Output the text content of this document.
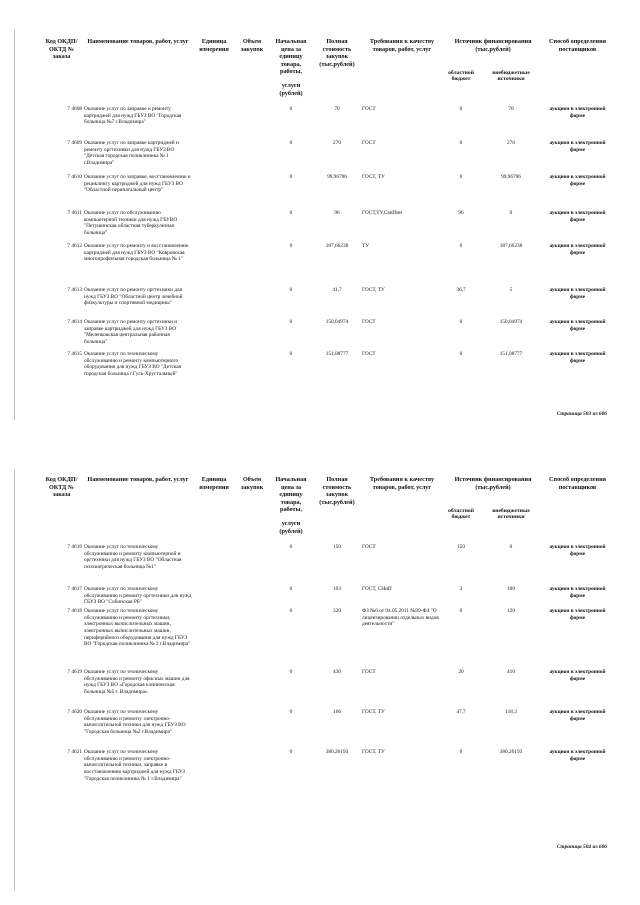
Код ОКДП/ ОКТД № заказа	Наименование товаров, работ, услуг	Единица измерения	Объем закупок	Начальная цена за единицу товара, работы,
услуги (рублей)	Полная стоимость закупок (тыс.рублей)	Требования к качеству товаров, работ, услуг	Источник финансирования (тыс.рублей)		Способ определения поставщиков
							областной бюджет	внебюджетные источники	

7 4608	Оказание услуг по заправке и ремонту картриджей для нужд ГБУЗ ВО "Городская больница №7 г.Владимира"			0	70	ГОСТ	0	70	аукцион в электронной форме
7 4609	Оказание услуг по заправке картриджей и ремонту оргтехники для нужд ГБУЗ ВО "Детская городская поликлиника № 1 г.Владимира"			0	270	ГОСТ	0	270	аукцион в электронной форме
7 4610	Оказание услуг по заправке, восстановлению и рециклингу картриджей для нужд ГБУЗ ВО "Областной перинатальный центр"			0	99,96796	ГОСТ, ТУ	0	99,96796	аукцион в электронной форме
7 4611	Оказание услуг по обслуживанию компьютерной техники для нужд ГБУВО "Петушинская областная туберкулезная больница"			0	96	ГОСТ,ТУ,СанПин	96	0	аукцион в электронной форме
7 4612	Оказание услуг по ремонту и восстановлению картриджей для нужд ГБУЗ ВО "Ковровская многопрофильная городская больница № 1"			0	187,66238	ТУ	0	187,66238	аукцион в электронной форме
7 4613	Оказание услуг по ремонту оргтехники для нужд ГБУЗ ВО "Областной центр лечебной физкультуры и спортивной медицины"			0	41,7	ГОСТ, ТУ	36,7	5	аукцион в электронной форме
7 4614	Оказание услуг по ремонту оргтехники и заправке картриджей для нужд ГБУЗ ВО "Меленковская центральная районная больница"			0	150,04974	ГОСТ	0	150,04974	аукцион в электронной форме
7 4615	Оказание услуг по техническому обслуживанию и ремонту компьютерного оборудования для нужд ГБУЗ ВО "Детская городская больница г.Гусь-Хрустальный"			0	151,08777	ГОСТ	0	151,08777	аукцион в электронной форме
Страница 503 из 606
Код ОКДП/ ОКТД № заказа	Наименование товаров, работ, услуг	Единица измерения	Объем закупок	Начальная цена за единицу товара, работы,
услуги (рублей)	Полная стоимость закупок (тыс.рублей)	Требования к качеству товаров, работ, услуг	Источник финансирования (тыс.рублей)		Способ определения поставщиков
							областной бюджет	внебюджетные источники	

7 4616	Оказание услуг по техническому обслуживанию и ремонту компьютерной и оргтехники для нужд ГБУЗ ВО "Областная психиатрическая больница №1"			0	150	ГОСТ	150	0	аукцион в электронной форме
7 4617	Оказание услуг по техническому обслуживанию и ремонту оргтехники для нужд ГБУЗ ВО "Собинская РБ"			0	103	ГОСТ, СНиП	3	100	аукцион в электронной форме
7 4618	Оказание услуг по техническому обслуживанию и ремонту оргтехники, электронных вычислительных машин, электронных вычислительных машин, периферийного оборудования для нужд ГБУЗ ВО "Городская поликлиника № 2 г.Владимира"			0	320	ФЗ №6 от 04.05.2011 №99-ФЗ "О лицензировании отдельных видов деятельности"	0	120	аукцион в электронной форме
7 4619	Оказание услуг по техническому обслуживанию и ремонту офисных машин для нужд ГБУЗ ВО «Городская клиническая больница №5 г. Владимира»			0	430	ГОСТ	20	410	аукцион в электронной форме
7 4620	Оказание услуг по техническому обслуживанию и ремонту электронно-вычислительной техники для нужд ГБУЗ ВО "Городская больница №2 г.Владимира"			0	166	ГОСТ, ТУ	47,7	118,3	аукцион в электронной форме
7 4621	Оказание услуг по техническому обслуживанию и ремонту электронно-вычислительной техники, заправке и восстановлению картриджей для нужд ГБУЗ "Городская поликлиника № 1 г.Владимира"			0	380,26193	ГОСТ, ТУ	0	380,26193	аукцион в электронной форме
Страница 504 из 606
